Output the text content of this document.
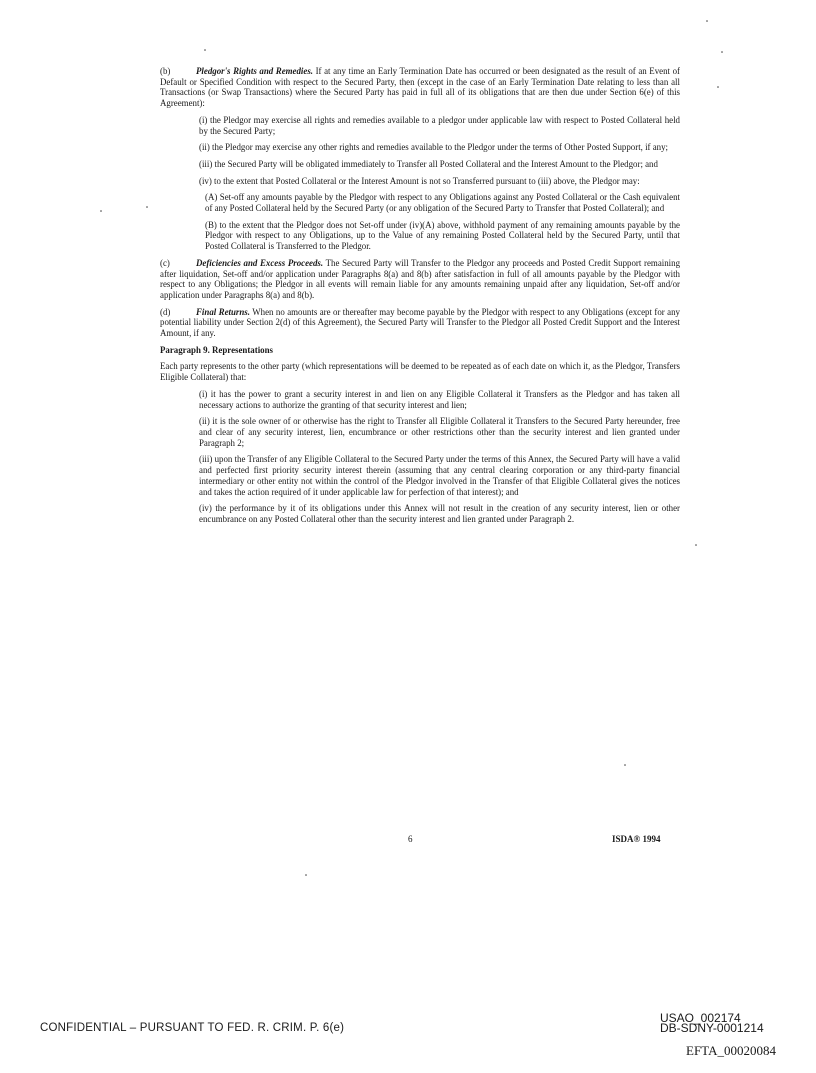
(b)	Pledgor's Rights and Remedies. If at any time an Early Termination Date has occurred or been designated as the result of an Event of Default or Specified Condition with respect to the Secured Party, then (except in the case of an Early Termination Date relating to less than all Transactions (or Swap Transactions) where the Secured Party has paid in full all of its obligations that are then due under Section 6(e) of this Agreement):

(i) the Pledgor may exercise all rights and remedies available to a pledgor under applicable law with respect to Posted Collateral held by the Secured Party;

(ii) the Pledgor may exercise any other rights and remedies available to the Pledgor under the terms of Other Posted Support, if any;

(iii) the Secured Party will be obligated immediately to Transfer all Posted Collateral and the Interest Amount to the Pledgor; and

(iv) to the extent that Posted Collateral or the Interest Amount is not so Transferred pursuant to (iii) above, the Pledgor may:

(A) Set-off any amounts payable by the Pledgor with respect to any Obligations against any Posted Collateral or the Cash equivalent of any Posted Collateral held by the Secured Party (or any obligation of the Secured Party to Transfer that Posted Collateral); and

(B) to the extent that the Pledgor does not Set-off under (iv)(A) above, withhold payment of any remaining amounts payable by the Pledgor with respect to any Obligations, up to the Value of any remaining Posted Collateral held by the Secured Party, until that Posted Collateral is Transferred to the Pledgor.

(c)	Deficiencies and Excess Proceeds. The Secured Party will Transfer to the Pledgor any proceeds and Posted Credit Support remaining after liquidation, Set-off and/or application under Paragraphs 8(a) and 8(b) after satisfaction in full of all amounts payable by the Pledgor with respect to any Obligations; the Pledgor in all events will remain liable for any amounts remaining unpaid after any liquidation, Set-off and/or application under Paragraphs 8(a) and 8(b).

(d)	Final Returns. When no amounts are or thereafter may become payable by the Pledgor with respect to any Obligations (except for any potential liability under Section 2(d) of this Agreement), the Secured Party will Transfer to the Pledgor all Posted Credit Support and the Interest Amount, if any.

Paragraph 9. Representations

Each party represents to the other party (which representations will be deemed to be repeated as of each date on which it, as the Pledgor, Transfers Eligible Collateral) that:

(i) it has the power to grant a security interest in and lien on any Eligible Collateral it Transfers as the Pledgor and has taken all necessary actions to authorize the granting of that security interest and lien;

(ii) it is the sole owner of or otherwise has the right to Transfer all Eligible Collateral it Transfers to the Secured Party hereunder, free and clear of any security interest, lien, encumbrance or other restrictions other than the security interest and lien granted under Paragraph 2;

(iii) upon the Transfer of any Eligible Collateral to the Secured Party under the terms of this Annex, the Secured Party will have a valid and perfected first priority security interest therein (assuming that any central clearing corporation or any third-party financial intermediary or other entity not within the control of the Pledgor involved in the Transfer of that Eligible Collateral gives the notices and takes the action required of it under applicable law for perfection of that interest); and

(iv) the performance by it of its obligations under this Annex will not result in the creation of any security interest, lien or other encumbrance on any Posted Collateral other than the security interest and lien granted under Paragraph 2.

6	ISDA® 1994
CONFIDENTIAL – PURSUANT TO FED. R. CRIM. P. 6(e)
USAO_002174
DB-SDNY-0001214
EFTA_00020084
